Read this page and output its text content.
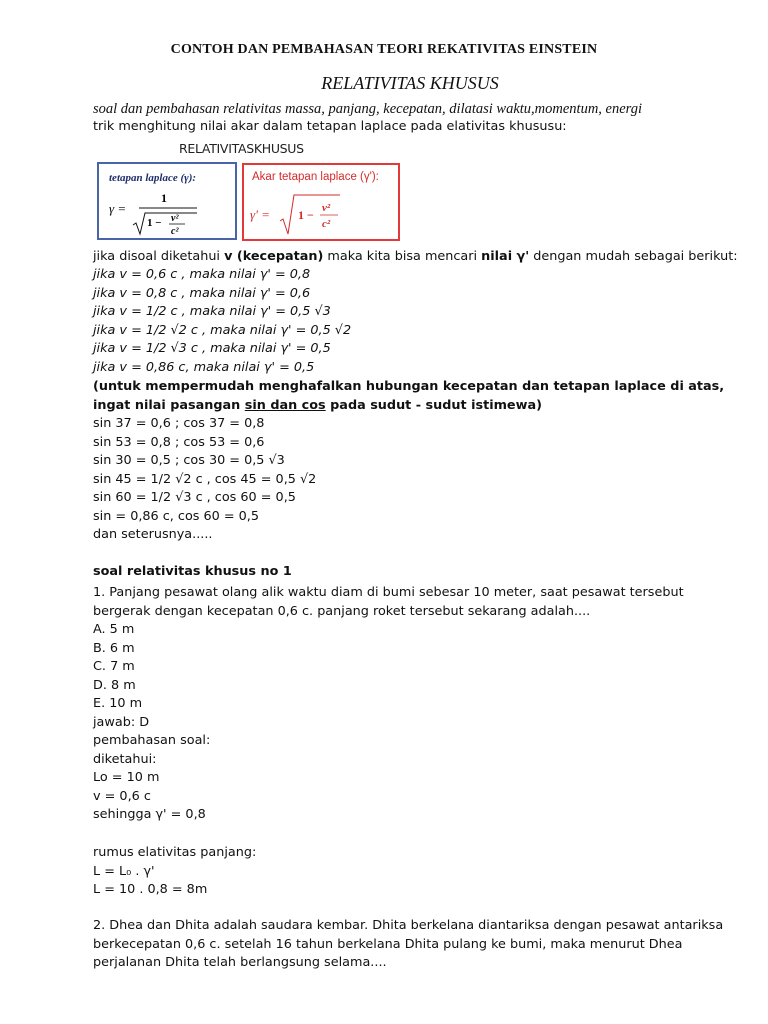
CONTOH DAN PEMBAHASAN TEORI REKATIVITAS EINSTEIN
RELATIVITAS KHUSUS
soal dan pembahasan relativitas massa, panjang, kecepatan, dilatasi waktu,momentum, energi
trik menghitung nilai akar dalam tetapan laplace pada elativitas khususu:
RELATIVITASKHUSUS
tetapan laplace (γ):
γ =
1
1 − v²
c²
Akar tetapan laplace (γ'):
γ' = 1 − v²
c²
jika disoal diketahui v (kecepatan) maka kita bisa mencari nilai γ' dengan mudah sebagai berikut:
jika v = 0,6 c , maka nilai γ' = 0,8
jika v = 0,8 c , maka nilai γ' = 0,6
jika v = 1/2 c , maka nilai γ' = 0,5 √3
jika v = 1/2 √2 c , maka nilai γ' = 0,5 √2
jika v = 1/2 √3 c , maka nilai γ' = 0,5
jika v = 0,86 c, maka nilai γ' = 0,5
(untuk mempermudah menghafalkan hubungan kecepatan dan tetapan laplace di atas,
ingat nilai pasangan sin dan cos pada sudut - sudut istimewa)
sin 37 = 0,6 ; cos 37 = 0,8
sin 53 = 0,8 ; cos 53 = 0,6
sin 30 = 0,5 ; cos 30 = 0,5 √3
sin 45 = 1/2 √2 c , cos 45 = 0,5 √2
sin 60 = 1/2 √3 c , cos 60 = 0,5
sin = 0,86 c, cos 60 = 0,5
dan seterusnya.....
soal relativitas khusus no 1
1. Panjang pesawat olang alik waktu diam di bumi sebesar 10 meter, saat pesawat tersebut
bergerak dengan kecepatan 0,6 c. panjang roket tersebut sekarang adalah....
A. 5 m
B. 6 m
C. 7 m
D. 8 m
E. 10 m
jawab: D
pembahasan soal:
diketahui:
Lo = 10 m
v = 0,6 c
sehingga γ' = 0,8
rumus elativitas panjang:
L = L₀ . γ'
L = 10 . 0,8 = 8m
2. Dhea dan Dhita adalah saudara kembar. Dhita berkelana diantariksa dengan pesawat antariksa
berkecepatan 0,6 c. setelah 16 tahun berkelana Dhita pulang ke bumi, maka menurut Dhea
perjalanan Dhita telah berlangsung selama....
